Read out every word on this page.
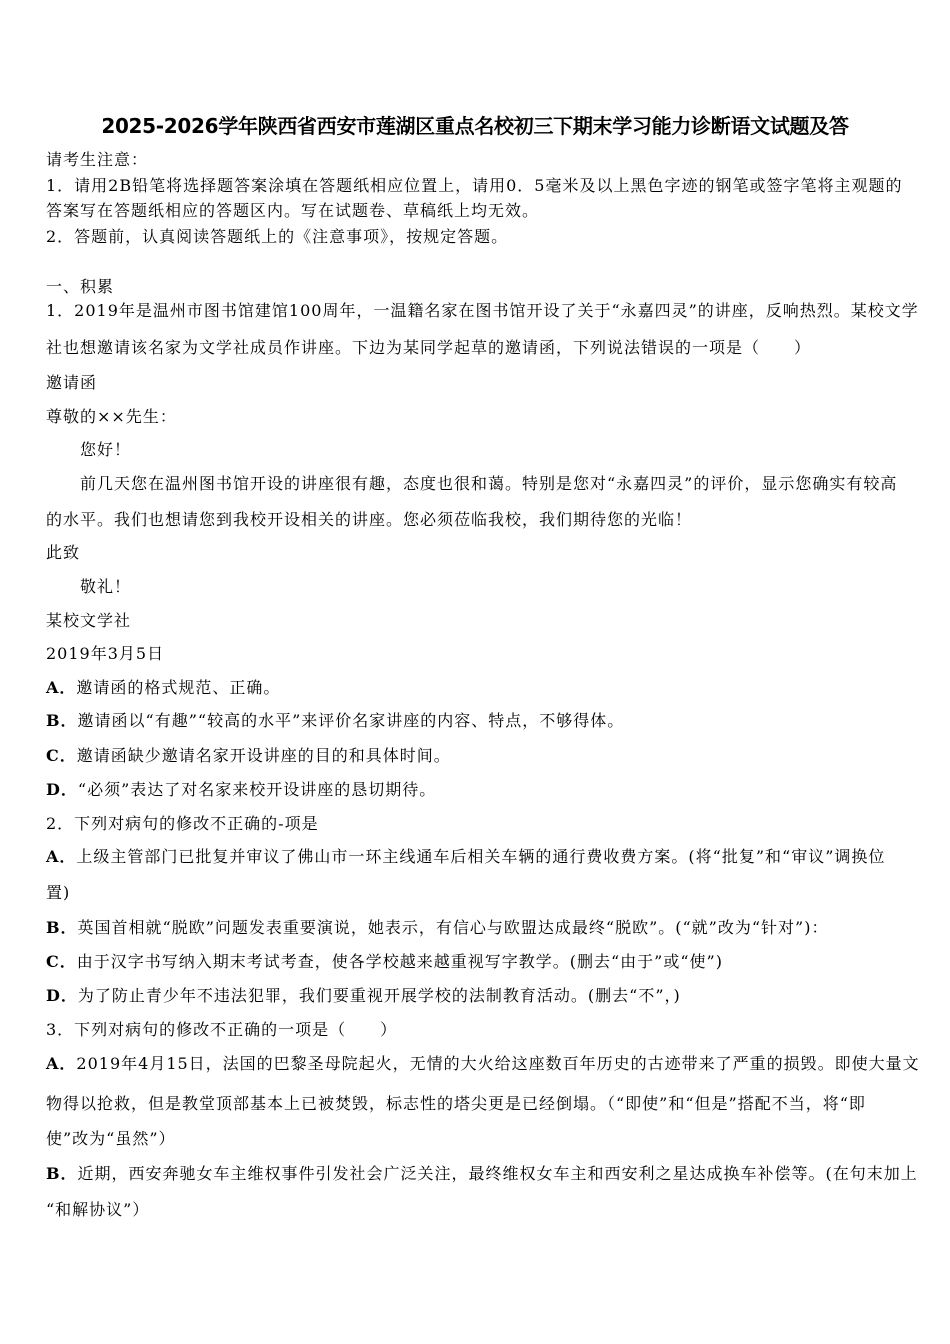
2025-2026学年陕西省西安市莲湖区重点名校初三下期末学习能力诊断语文试题及答
请考生注意：
1．请用2B铅笔将选择题答案涂填在答题纸相应位置上，请用0．5毫米及以上黑色字迹的钢笔或签字笔将主观题的
答案写在答题纸相应的答题区内。写在试题卷、草稿纸上均无效。
2．答题前，认真阅读答题纸上的《注意事项》，按规定答题。
一、积累
1．2019年是温州市图书馆建馆100周年，一温籍名家在图书馆开设了关于“永嘉四灵”的讲座，反响热烈。某校文学
社也想邀请该名家为文学社成员作讲座。下边为某同学起草的邀请函，下列说法错误的一项是（　　）
邀请函
尊敬的××先生：
您好！
前几天您在温州图书馆开设的讲座很有趣，态度也很和蔼。特别是您对“永嘉四灵”的评价，显示您确实有较高
的水平。我们也想请您到我校开设相关的讲座。您必须莅临我校，我们期待您的光临！
此致
敬礼！
某校文学社
2019年3月5日
A．邀请函的格式规范、正确。
B．邀请函以“有趣”“较高的水平”来评价名家讲座的内容、特点，不够得体。
C．邀请函缺少邀请名家开设讲座的目的和具体时间。
D．“必须”表达了对名家来校开设讲座的恳切期待。
2．下列对病句的修改不正确的-项是
A．上级主管部门已批复并审议了佛山市一环主线通车后相关车辆的通行费收费方案。(将“批复”和“审议”调换位
置)
B．英国首相就“脱欧”问题发表重要演说，她表示，有信心与欧盟达成最终“脱欧”。(“就”改为“针对”)：
C．由于汉字书写纳入期末考试考查，使各学校越来越重视写字教学。(删去“由于”或“使”)
D．为了防止青少年不违法犯罪，我们要重视开展学校的法制教育活动。(删去“不”，)
3．下列对病句的修改不正确的一项是（　　）
A．2019年4月15日，法国的巴黎圣母院起火，无情的大火给这座数百年历史的古迹带来了严重的损毁。即使大量文
物得以抢救，但是教堂顶部基本上已被焚毁，标志性的塔尖更是已经倒塌。（“即使”和“但是”搭配不当，将“即
使”改为“虽然”）
B．近期，西安奔驰女车主维权事件引发社会广泛关注，最终维权女车主和西安利之星达成换车补偿等。(在句末加上
“和解协议”）
